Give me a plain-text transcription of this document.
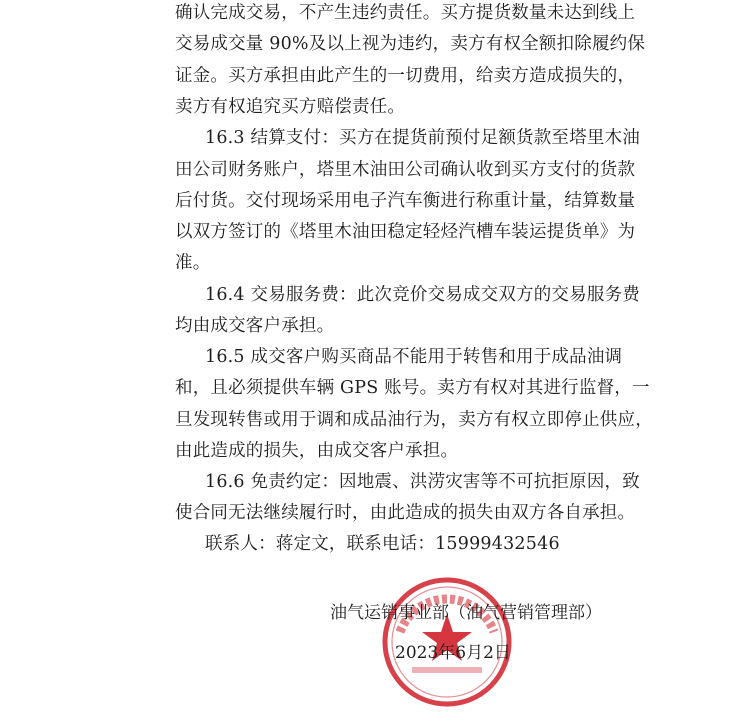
确认完成交易，不产生违约责任。买方提货数量未达到线上
交易成交量 90%及以上视为违约，卖方有权全额扣除履约保
证金。买方承担由此产生的一切费用，给卖方造成损失的，
卖方有权追究买方赔偿责任。
16.3 结算支付：买方在提货前预付足额货款至塔里木油
田公司财务账户，塔里木油田公司确认收到买方支付的货款
后付货。交付现场采用电子汽车衡进行称重计量，结算数量
以双方签订的《塔里木油田稳定轻烃汽槽车装运提货单》为
准。
16.4 交易服务费：此次竞价交易成交双方的交易服务费
均由成交客户承担。
16.5 成交客户购买商品不能用于转售和用于成品油调
和，且必须提供车辆 GPS 账号。卖方有权对其进行监督，一
旦发现转售或用于调和成品油行为，卖方有权立即停止供应，
由此造成的损失，由成交客户承担。
16.6 免责约定：因地震、洪涝灾害等不可抗拒原因，致
使合同无法继续履行时，由此造成的损失由双方各自承担。
联系人：蒋定文，联系电话：15999432546
油气运销事业部（油气营销管理部）
2023年6月2日
